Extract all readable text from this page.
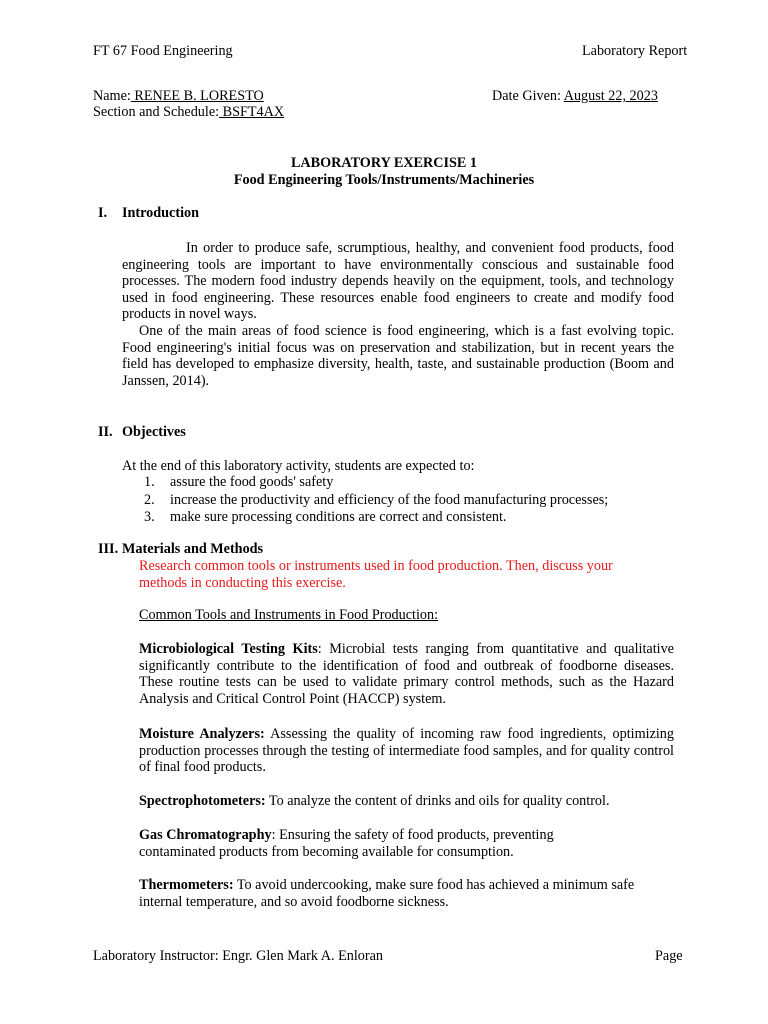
FT 67 Food Engineering	Laboratory Report
Name: RENEE B. LORESTO
Section and Schedule: BSFT4AX
Date Given: August 22, 2023
LABORATORY EXERCISE 1
Food Engineering Tools/Instruments/Machineries
I. Introduction
In order to produce safe, scrumptious, healthy, and convenient food products, food engineering tools are important to have environmentally conscious and sustainable food processes. The modern food industry depends heavily on the equipment, tools, and technology used in food engineering. These resources enable food engineers to create and modify food products in novel ways.
One of the main areas of food science is food engineering, which is a fast evolving topic. Food engineering's initial focus was on preservation and stabilization, but in recent years the field has developed to emphasize diversity, health, taste, and sustainable production (Boom and Janssen, 2014).
II. Objectives
At the end of this laboratory activity, students are expected to:
1. assure the food goods' safety
2. increase the productivity and efficiency of the food manufacturing processes;
3. make sure processing conditions are correct and consistent.
III. Materials and Methods
Research common tools or instruments used in food production. Then, discuss your methods in conducting this exercise.
Common Tools and Instruments in Food Production:
Microbiological Testing Kits: Microbial tests ranging from quantitative and qualitative significantly contribute to the identification of food and outbreak of foodborne diseases. These routine tests can be used to validate primary control methods, such as the Hazard Analysis and Critical Control Point (HACCP) system.
Moisture Analyzers: Assessing the quality of incoming raw food ingredients, optimizing production processes through the testing of intermediate food samples, and for quality control of final food products.
Spectrophotometers: To analyze the content of drinks and oils for quality control.
Gas Chromatography: Ensuring the safety of food products, preventing contaminated products from becoming available for consumption.
Thermometers: To avoid undercooking, make sure food has achieved a minimum safe internal temperature, and so avoid foodborne sickness.
Laboratory Instructor: Engr. Glen Mark A. Enloran	Page
